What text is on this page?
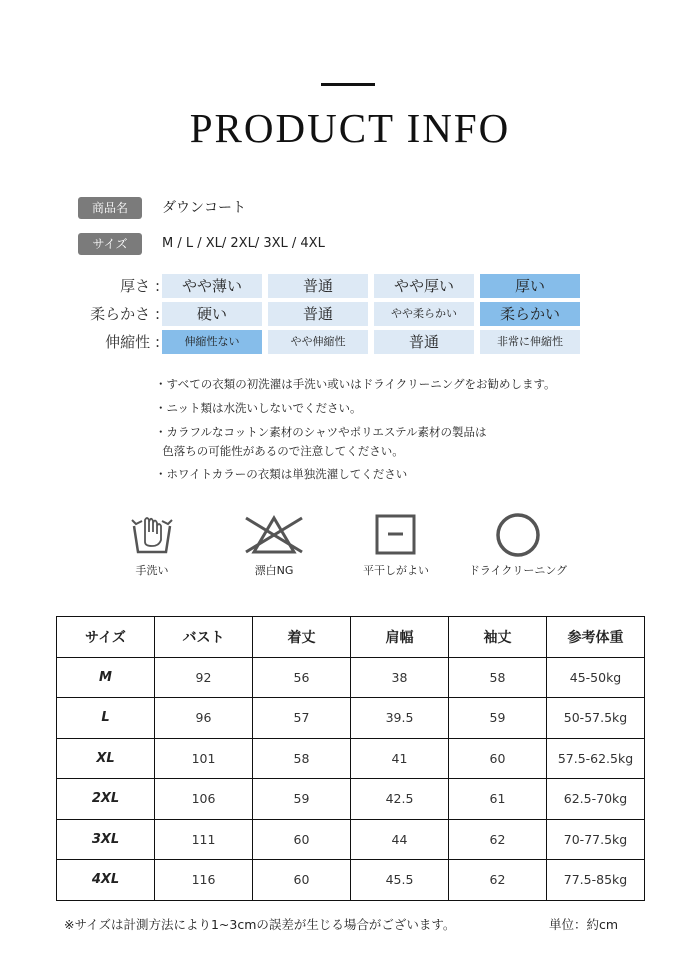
PRODUCT INFO
商品名	ダウンコート
サイズ	M / L / XL/ 2XL/ 3XL / 4XL
厚さ :	やや薄い	普通	やや厚い	厚い
柔らかさ :	硬い	普通	やや柔らかい	柔らかい
伸縮性 :	伸縮性ない	やや伸縮性	普通	非常に伸縮性
・すべての衣類の初洗濯は手洗い或いはドライクリーニングをお勧めします。
・ニット類は水洗いしないでください。
・カラフルなコットン素材のシャツやポリエステル素材の製品は
色落ちの可能性があるので注意してください。
・ホワイトカラーの衣類は単独洗濯してください
手洗い	漂白NG	平干しがよい	ドライクリーニング
サイズ	バスト	着丈	肩幅	袖丈	参考体重
M	92	56	38	58	45-50kg
L	96	57	39.5	59	50-57.5kg
XL	101	58	41	60	57.5-62.5kg
2XL	106	59	42.5	61	62.5-70kg
3XL	111	60	44	62	70-77.5kg
4XL	116	60	45.5	62	77.5-85kg
※サイズは計測方法により1~3cmの誤差が生じる場合がございます。	単位：約cm
